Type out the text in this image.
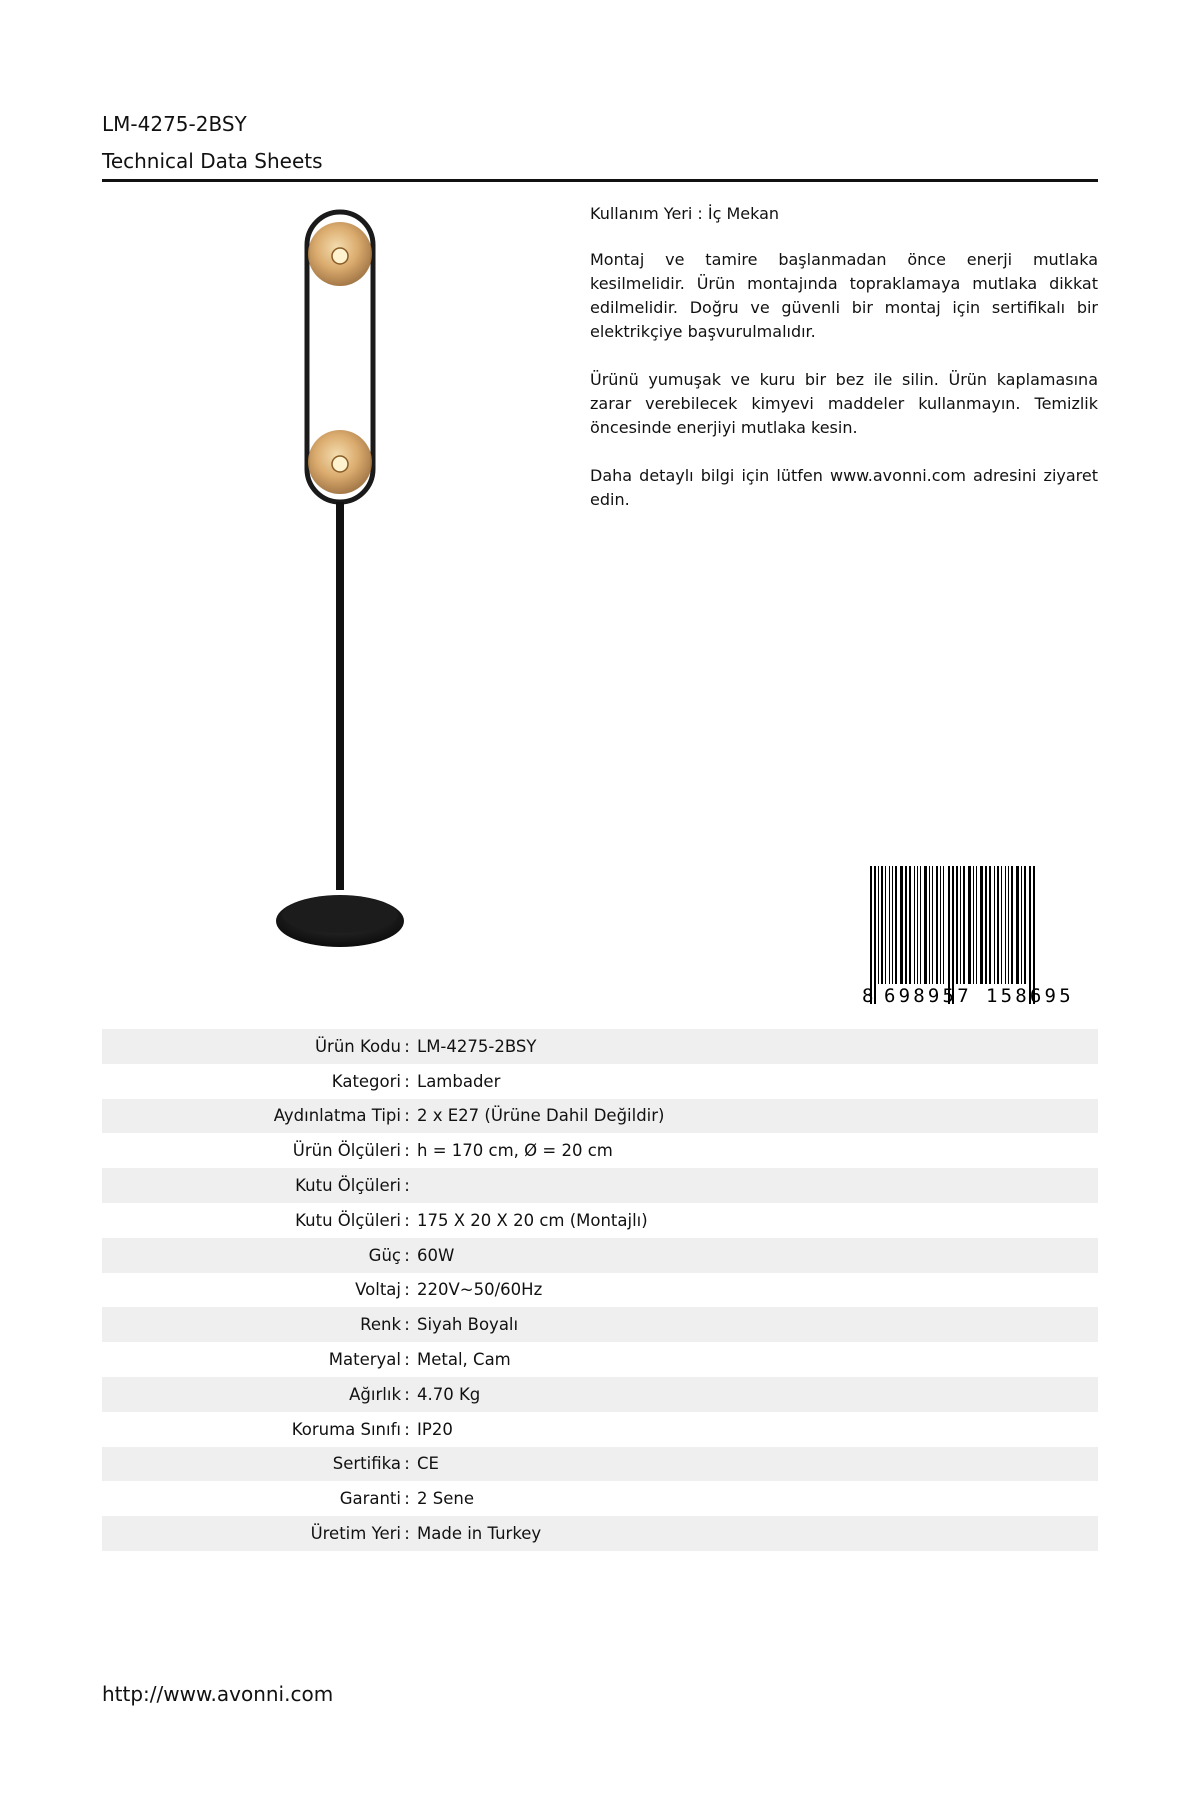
LM-4275-2BSY
Technical Data Sheets

Kullanım Yeri : İç Mekan

Montaj ve tamire başlanmadan önce enerji mutlaka kesilmelidir. Ürün montajında topraklamaya mutlaka dikkat edilmelidir. Doğru ve güvenli bir montaj için sertifikalı bir elektrikçiye başvurulmalıdır.

Ürünü yumuşak ve kuru bir bez ile silin. Ürün kaplamasına zarar verebilecek kimyevi maddeler kullanmayın. Temizlik öncesinde enerjiyi mutlaka kesin.

Daha detaylı bilgi için lütfen www.avonni.com adresini ziyaret edin.

8 698957 158695
Ürün Kodu : LM-4275-2BSY
Kategori : Lambader
Aydınlatma Tipi : 2 x E27 (Ürüne Dahil Değildir)
Ürün Ölçüleri : h = 170 cm, Ø = 20 cm
Kutu Ölçüleri :
Kutu Ölçüleri : 175 X 20 X 20 cm (Montajlı)
Güç : 60W
Voltaj : 220V~50/60Hz
Renk : Siyah Boyalı
Materyal : Metal, Cam
Ağırlık : 4.70 Kg
Koruma Sınıfı : IP20
Sertifika : CE
Garanti : 2 Sene
Üretim Yeri : Made in Turkey
http://www.avonni.com
